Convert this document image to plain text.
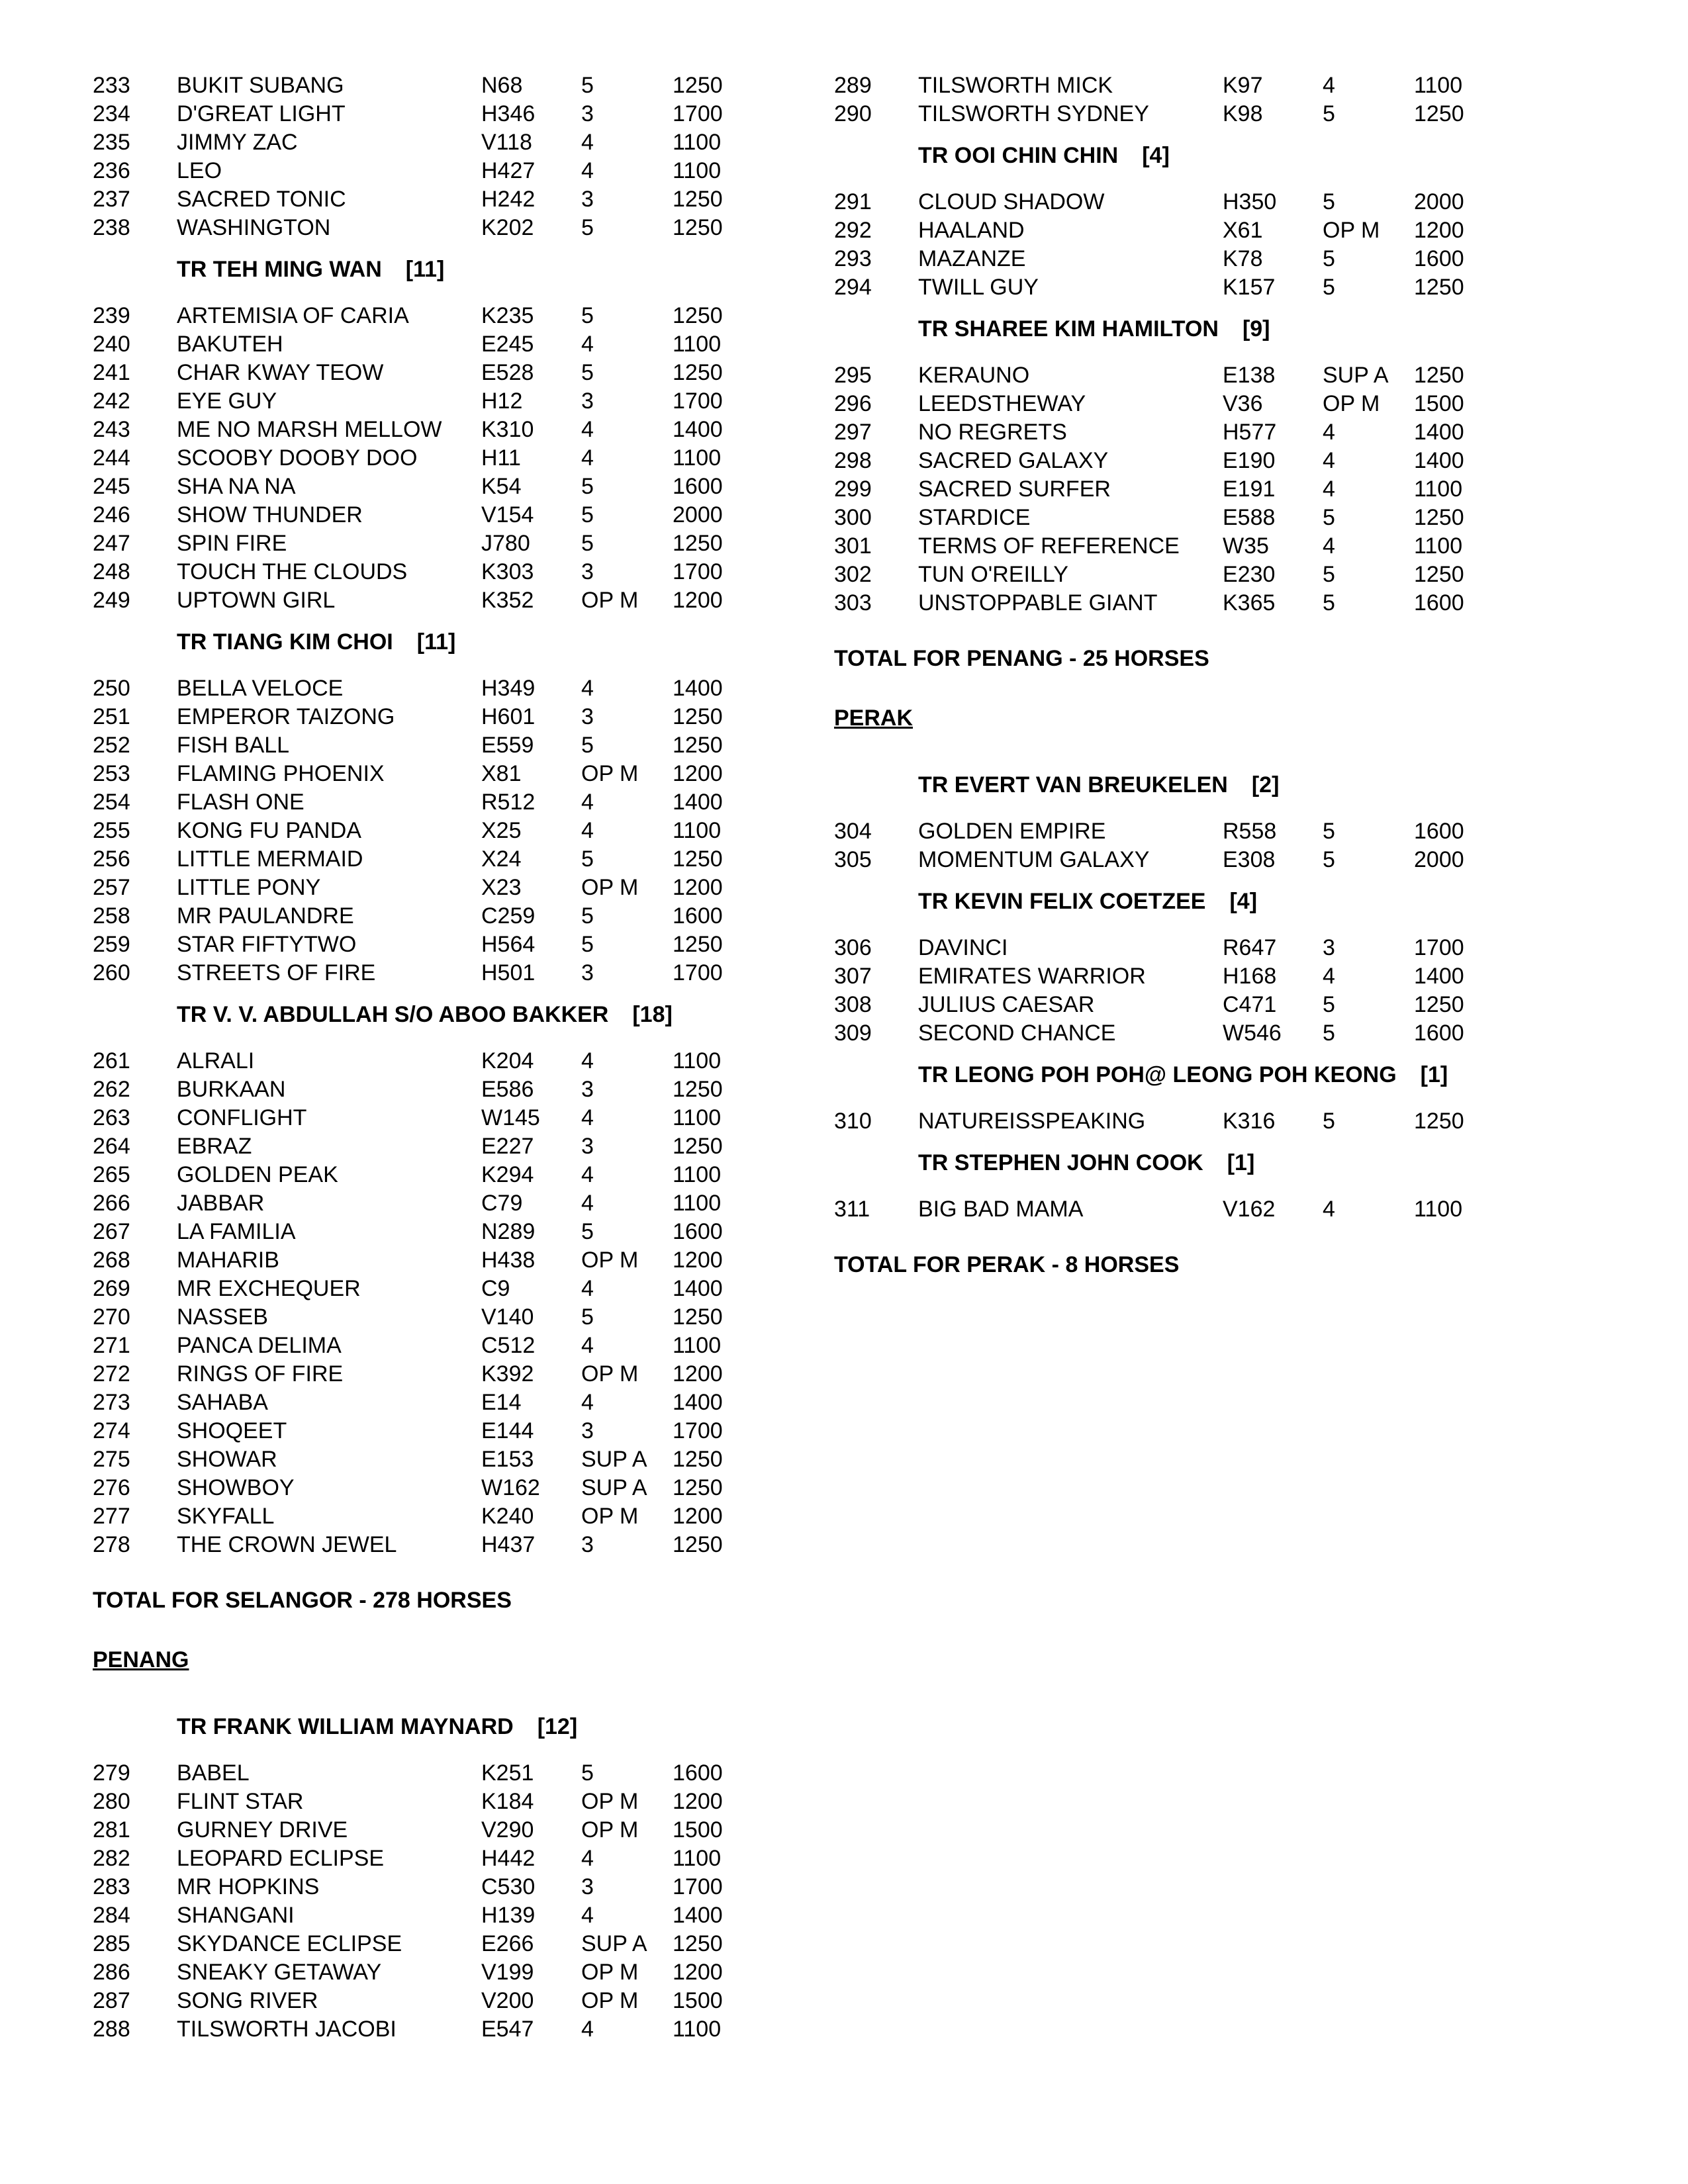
233 BUKIT SUBANG	N68	5	1250
234 D'GREAT LIGHT	H346 3	1700
235 JIMMY ZAC	V118 4	1100
236 LEO	H427 4	1100
237 SACRED TONIC	H242 3	1250
238 WASHINGTON	K202 5	1250
TR TEH MING WAN [11]
239 ARTEMISIA OF CARIA	K235 5	1250
240 BAKUTEH	E245 4	1100
241 CHAR KWAY TEOW	E528 5	1250
242 EYE GUY	H12	3	1700
243 ME NO MARSH MELLOW K310 4	1400
244 SCOOBY DOOBY DOO	H11	4	1100
245 SHA NA NA	K54	5	1600
246 SHOW THUNDER	V154 5	2000
247 SPIN FIRE	J780 5	1250
248 TOUCH THE CLOUDS	K303 3	1700
249 UPTOWN GIRL	K352 OP M 1200
TR TIANG KIM CHOI [11]
250 BELLA VELOCE	H349 4	1400
251 EMPEROR TAIZONG	H601 3	1250
252 FISH BALL	E559 5	1250
253 FLAMING PHOENIX	X81	OP M 1200
254 FLASH ONE	R512 4	1400
255 KONG FU PANDA	X25	4	1100
256 LITTLE MERMAID	X24	5	1250
257 LITTLE PONY	X23	OP M 1200
258 MR PAULANDRE	C259 5	1600
259 STAR FIFTYTWO	H564 5	1250
260 STREETS OF FIRE	H501 3	1700
TR V. V. ABDULLAH S/O ABOO BAKKER [18]
261 ALRALI	K204 4	1100
262 BURKAAN	E586 3	1250
263 CONFLIGHT	W145 4	1100
264 EBRAZ	E227 3	1250
265 GOLDEN PEAK	K294 4	1100
266 JABBAR	C79	4	1100
267 LA FAMILIA	N289 5	1600
268 MAHARIB	H438 OP M 1200
269 MR EXCHEQUER	C9	4	1400
270 NASSEB	V140 5	1250
271 PANCA DELIMA	C512 4	1100
272 RINGS OF FIRE	K392 OP M 1200
273 SAHABA	E14	4	1400
274 SHOQEET	E144 3	1700
275 SHOWAR	E153 SUP A 1250
276 SHOWBOY	W162 SUP A 1250
277 SKYFALL	K240 OP M 1200
278 THE CROWN JEWEL	H437 3	1250
TOTAL FOR SELANGOR - 278 HORSES
PENANG
TR FRANK WILLIAM MAYNARD [12]
279 BABEL	K251 5	1600
280 FLINT STAR	K184 OP M 1200
281 GURNEY DRIVE	V290 OP M 1500
282 LEOPARD ECLIPSE	H442 4	1100
283 MR HOPKINS	C530 3	1700
284 SHANGANI	H139 4	1400
285 SKYDANCE ECLIPSE	E266 SUP A 1250
286 SNEAKY GETAWAY	V199 OP M 1200
287 SONG RIVER	V200 OP M 1500
288 TILSWORTH JACOBI	E547 4	1100
289 TILSWORTH MICK	K97	4	1100
290 TILSWORTH SYDNEY	K98	5	1250
TR OOI CHIN CHIN [4]
291 CLOUD SHADOW	H350 5	2000
292 HAALAND	X61	OP M 1200
293 MAZANZE	K78	5	1600
294 TWILL GUY	K157 5	1250
TR SHAREE KIM HAMILTON [9]
295 KERAUNO	E138 SUP A 1250
296 LEEDSTHEWAY	V36	OP M 1500
297 NO REGRETS	H577 4	1400
298 SACRED GALAXY	E190 4	1400
299 SACRED SURFER	E191 4	1100
300 STARDICE	E588 5	1250
301 TERMS OF REFERENCE W35 4	1100
302 TUN O'REILLY	E230 5	1250
303 UNSTOPPABLE GIANT	K365 5	1600
TOTAL FOR PENANG - 25 HORSES
PERAK
TR EVERT VAN BREUKELEN [2]
304 GOLDEN EMPIRE	R558 5	1600
305 MOMENTUM GALAXY	E308 5	2000
TR KEVIN FELIX COETZEE [4]
306 DAVINCI	R647 3	1700
307 EMIRATES WARRIOR	H168 4	1400
308 JULIUS CAESAR	C471 5	1250
309 SECOND CHANCE	W546 5	1600
TR LEONG POH POH@ LEONG POH KEONG [1]
310 NATUREISSPEAKING	K316 5	1250
TR STEPHEN JOHN COOK [1]
311 BIG BAD MAMA	V162 4	1100
TOTAL FOR PERAK - 8 HORSES
